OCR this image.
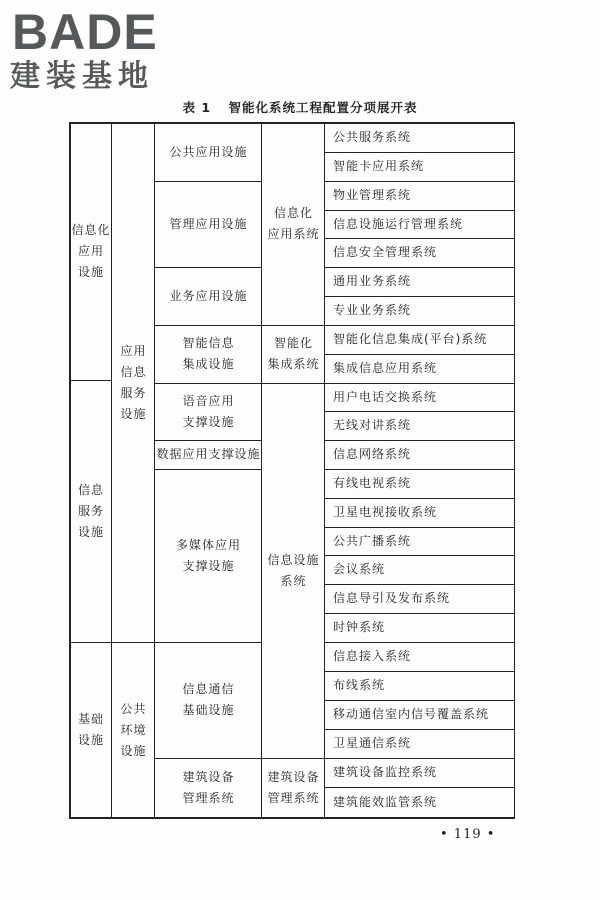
BADE
建装基地
表 1 智能化系统工程配置分项展开表
信息化
应用
设施
信息
服务
设施
基础
设施
应用
信息
服务
设施
公共
环境
设施
公共应用设施
管理应用设施
业务应用设施
智能信息
集成设施
语音应用
支撑设施
数据应用支撑设施
多媒体应用
支撑设施
信息通信
基础设施
建筑设备
管理系统
信息化
应用系统
智能化
集成系统
信息设施
系统
建筑设备
管理系统
公共服务系统
智能卡应用系统
物业管理系统
信息设施运行管理系统
信息安全管理系统
通用业务系统
专业业务系统
智能化信息集成(平台)系统
集成信息应用系统
用户电话交换系统
无线对讲系统
信息网络系统
有线电视系统
卫星电视接收系统
公共广播系统
会议系统
信息导引及发布系统
时钟系统
信息接入系统
布线系统
移动通信室内信号覆盖系统
卫星通信系统
建筑设备监控系统
建筑能效监管系统
• 119 •
